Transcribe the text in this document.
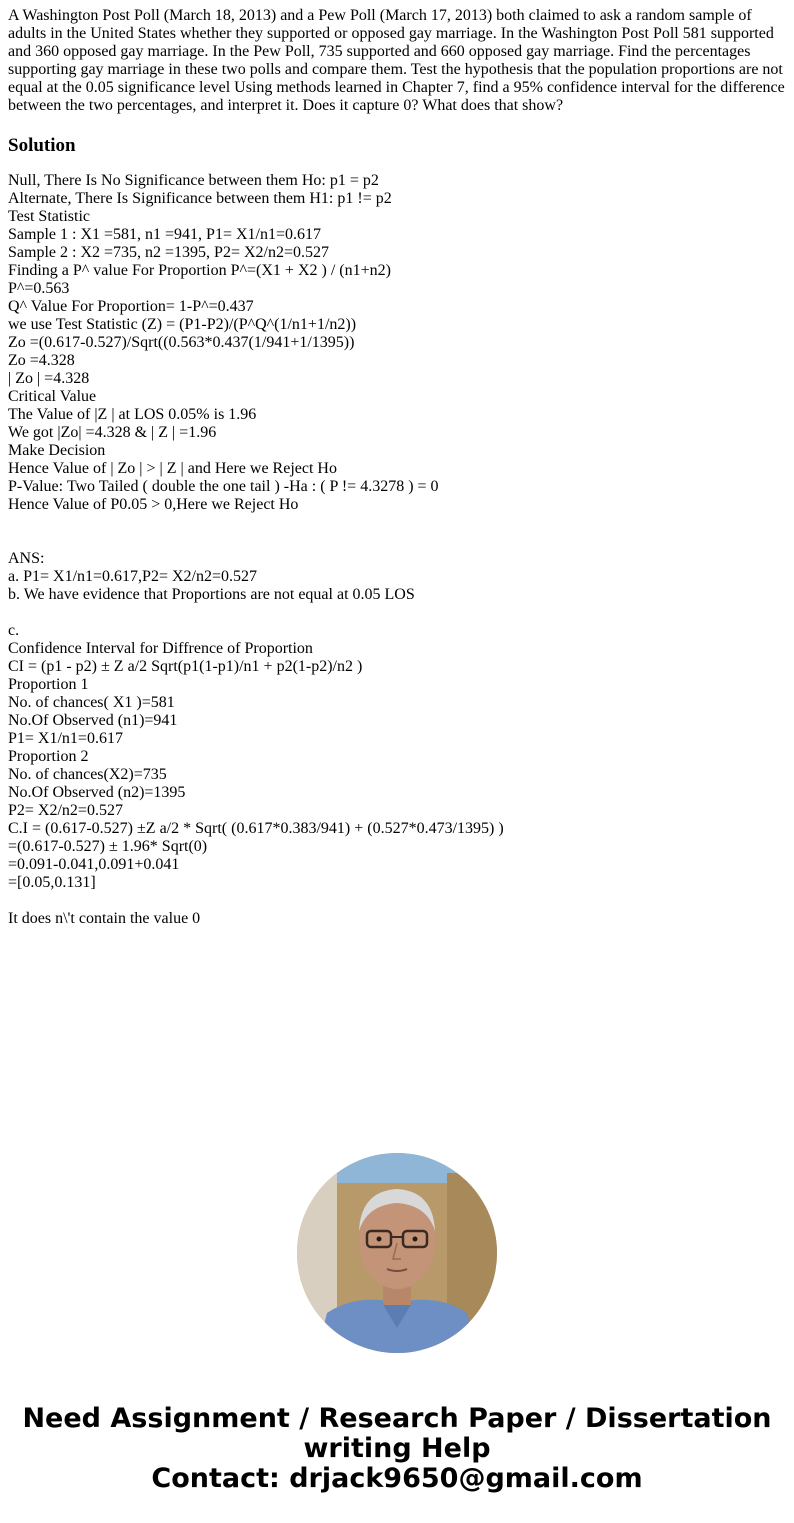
A Washington Post Poll (March 18, 2013) and a Pew Poll (March 17, 2013) both claimed to ask a random sample of adults in the United States whether they supported or opposed gay marriage. In the Washington Post Poll 581 supported and 360 opposed gay marriage. In the Pew Poll, 735 supported and 660 opposed gay marriage. Find the percentages supporting gay marriage in these two polls and compare them. Test the hypothesis that the population proportions are not equal at the 0.05 significance level Using methods learned in Chapter 7, find a 95% confidence interval for the difference between the two percentages, and interpret it. Does it capture 0? What does that show?

Solution
Null, There Is No Significance between them Ho: p1 = p2
Alternate, There Is Significance between them H1: p1 != p2
Test Statistic
Sample 1 : X1 =581, n1 =941, P1= X1/n1=0.617
Sample 2 : X2 =735, n2 =1395, P2= X2/n2=0.527
Finding a P^ value For Proportion P^=(X1 + X2 ) / (n1+n2)
P^=0.563
Q^ Value For Proportion= 1-P^=0.437
we use Test Statistic (Z) = (P1-P2)/(P^Q^(1/n1+1/n2))
Zo =(0.617-0.527)/Sqrt((0.563*0.437(1/941+1/1395))
Zo =4.328
| Zo | =4.328
Critical Value
The Value of |Z | at LOS 0.05% is 1.96
We got |Zo| =4.328 & | Z | =1.96
Make Decision
Hence Value of | Zo | > | Z | and Here we Reject Ho
P-Value: Two Tailed ( double the one tail ) -Ha : ( P != 4.3278 ) = 0
Hence Value of P0.05 > 0,Here we Reject Ho
ANS:
a. P1= X1/n1=0.617,P2= X2/n2=0.527
b. We have evidence that Proportions are not equal at 0.05 LOS
c.
Confidence Interval for Diffrence of Proportion
CI = (p1 - p2) ± Z a/2 Sqrt(p1(1-p1)/n1 + p2(1-p2)/n2 )
Proportion 1
No. of chances( X1 )=581
No.Of Observed (n1)=941
P1= X1/n1=0.617
Proportion 2
No. of chances(X2)=735
No.Of Observed (n2)=1395
P2= X2/n2=0.527
C.I = (0.617-0.527) ±Z a/2 * Sqrt( (0.617*0.383/941) + (0.527*0.473/1395) )
=(0.617-0.527) ± 1.96* Sqrt(0)
=0.091-0.041,0.091+0.041
=[0.05,0.131]
It does n\'t contain the value 0
Need Assignment / Research Paper / Dissertation
writing Help
Contact: drjack9650@gmail.com
